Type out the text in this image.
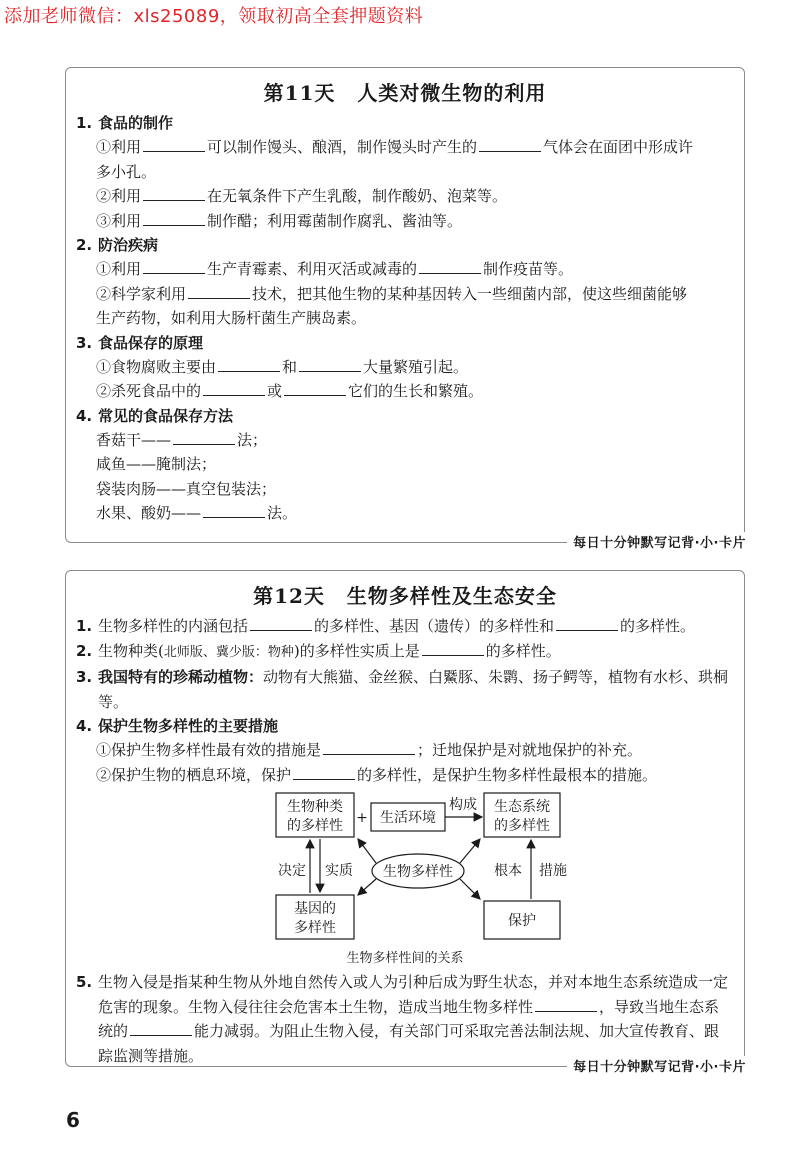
添加老师微信：xls25089，领取初高全套押题资料
第11天 人类对微生物的利用
1. 食品的制作
①利用	可以制作馒头、酿酒，制作馒头时产生的	气体会在面团中形成许
多小孔。
②利用	在无氧条件下产生乳酸，制作酸奶、泡菜等。
③利用	制作醋；利用霉菌制作腐乳、酱油等。
2. 防治疾病
①利用	生产青霉素、利用灭活或减毒的	制作疫苗等。
②科学家利用	技术，把其他生物的某种基因转入一些细菌内部，使这些细菌能够
生产药物，如利用大肠杆菌生产胰岛素。
3. 食品保存的原理
①食物腐败主要由	和	大量繁殖引起。
②杀死食品中的	或	它们的生长和繁殖。
4. 常见的食品保存方法
香菇干——	法；
咸鱼——腌制法；
袋装肉肠——真空包装法；
水果、酸奶——	法。
每日十分钟默写记背·小·卡片
第12天 生物多样性及生态安全
1. 生物多样性的内涵包括	的多样性、基因（遗传）的多样性和	的多样性。
2. 生物种类(北师版、冀少版：物种)的多样性实质上是	的多样性。
3. 我国特有的珍稀动植物：动物有大熊猫、金丝猴、白鱀豚、朱鹮、扬子鳄等，植物有水杉、珙桐等。
4. 保护生物多样性的主要措施
①保护生物多样性最有效的措施是	；迁地保护是对就地保护的补充。
②保护生物的栖息环境，保护	的多样性，是保护生物多样性最根本的措施。
生物种类
的多样性 + 生活环境
构成 生态系统
的多样性
决定 实质 生物多样性	根本 措施
基因的
多样性	保护
生物多样性间的关系
5. 生物入侵是指某种生物从外地自然传入或人为引种后成为野生状态，并对本地生态系统造成一定危害的现象。生物入侵往往会危害本土生物，造成当地生物多样性	，导致当地生态系统的	能力减弱。为阻止生物入侵，有关部门可采取完善法制法规、加大宣传教育、跟踪监测等措施。
每日十分钟默写记背·小·卡片
6
